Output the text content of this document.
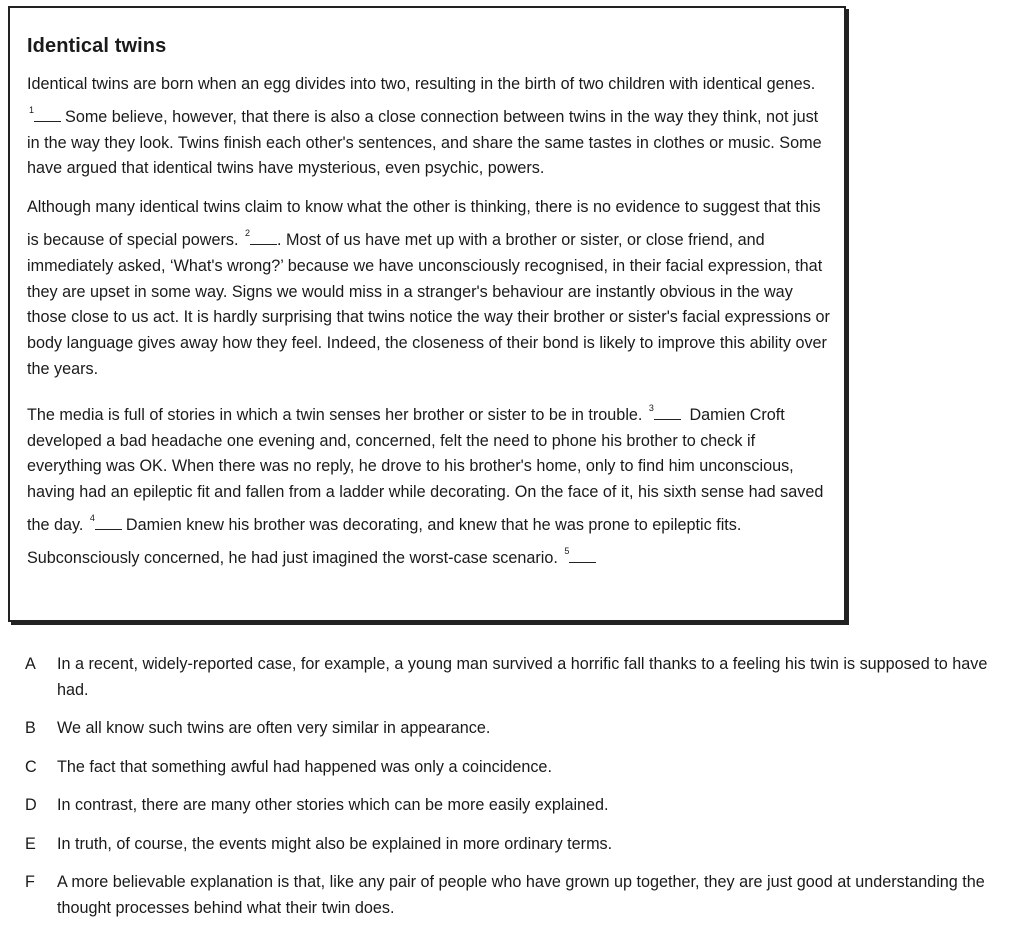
Identical twins

Identical twins are born when an egg divides into two, resulting in the birth of two children with identical genes. $^1$ Some believe, however, that there is also a close connection between twins in the way they think, not just in the way they look. Twins finish each other's sentences, and share the same tastes in clothes or music. Some have argued that identical twins have mysterious, even psychic, powers.

Although many identical twins claim to know what the other is thinking, there is no evidence to suggest that this is because of special powers. $^2$ . Most of us have met up with a brother or sister, or close friend, and immediately asked, ‘What's wrong?’ because we have unconsciously recognised, in their facial expression, that they are upset in some way. Signs we would miss in a stranger's behaviour are instantly obvious in the way those close to us act. It is hardly surprising that twins notice the way their brother or sister's facial expressions or body language gives away how they feel. Indeed, the closeness of their bond is likely to improve this ability over the years.

The media is full of stories in which a twin senses her brother or sister to be in trouble. $^3$ Damien Croft developed a bad headache one evening and, concerned, felt the need to phone his brother to check if everything was OK. When there was no reply, he drove to his brother's home, only to find him unconscious, having had an epileptic fit and fallen from a ladder while decorating. On the face of it, his sixth sense had saved the day. $^4$ Damien knew his brother was decorating, and knew that he was prone to epileptic fits. Subconsciously concerned, he had just imagined the worst-case scenario. $^5$

A In a recent, widely-reported case, for example, a young man survived a horrific fall thanks to a feeling his twin is supposed to have had.
B We all know such twins are often very similar in appearance.
C The fact that something awful had happened was only a coincidence.
D In contrast, there are many other stories which can be more easily explained.
E In truth, of course, the events might also be explained in more ordinary terms.
F A more believable explanation is that, like any pair of people who have grown up together, they are just good at understanding the thought processes behind what their twin does.
